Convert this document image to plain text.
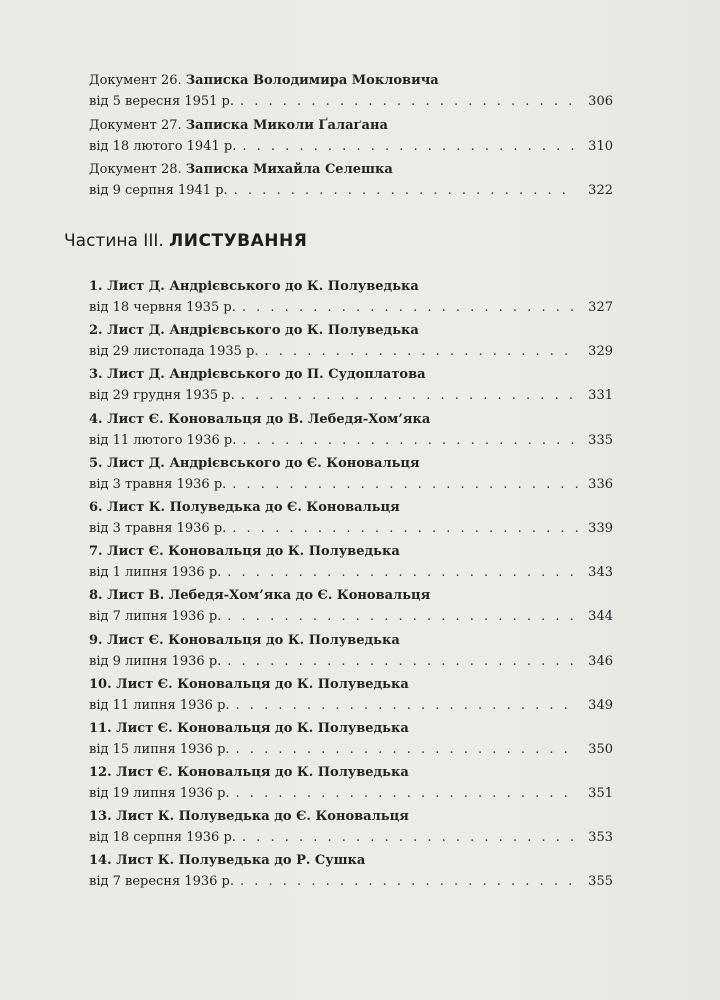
Документ 26. Записка Володимира Мокловича
від 5 вересня 1951 р. . . .	306
Документ 27. Записка Миколи Ґалаґана
від 18 лютого 1941 р. . . .	310
Документ 28. Записка Михайла Селешка
від 9 серпня 1941 р. . . .	322
Частина III. ЛИСТУВАННЯ
1. Лист Д. Андрієвського до К. Полуведька
від 18 червня 1935 р. . . .	327
2. Лист Д. Андрієвського до К. Полуведька
від 29 листопада 1935 р. . . .	329
3. Лист Д. Андрієвського до П. Судоплатова
від 29 грудня 1935 р. . . .	331
4. Лист Є. Коновальця до В. Лебедя-Хом’яка
від 11 лютого 1936 р. . . .	335
5. Лист Д. Андрієвського до Є. Коновальця
від 3 травня 1936 р. . . .	336
6. Лист К. Полуведька до Є. Коновальця
від 3 травня 1936 р. . . .	339
7. Лист Є. Коновальця до К. Полуведька
від 1 липня 1936 р. . . .	343
8. Лист В. Лебедя-Хом’яка до Є. Коновальця
від 7 липня 1936 р. . . .	344
9. Лист Є. Коновальця до К. Полуведька
від 9 липня 1936 р. . . .	346
10. Лист Є. Коновальця до К. Полуведька
від 11 липня 1936 р. . . .	349
11. Лист Є. Коновальця до К. Полуведька
від 15 липня 1936 р. . . .	350
12. Лист Є. Коновальця до К. Полуведька
від 19 липня 1936 р. . . .	351
13. Лист К. Полуведька до Є. Коновальця
від 18 серпня 1936 р. . . .	353
14. Лист К. Полуведька до Р. Сушка
від 7 вересня 1936 р. . . .	355
